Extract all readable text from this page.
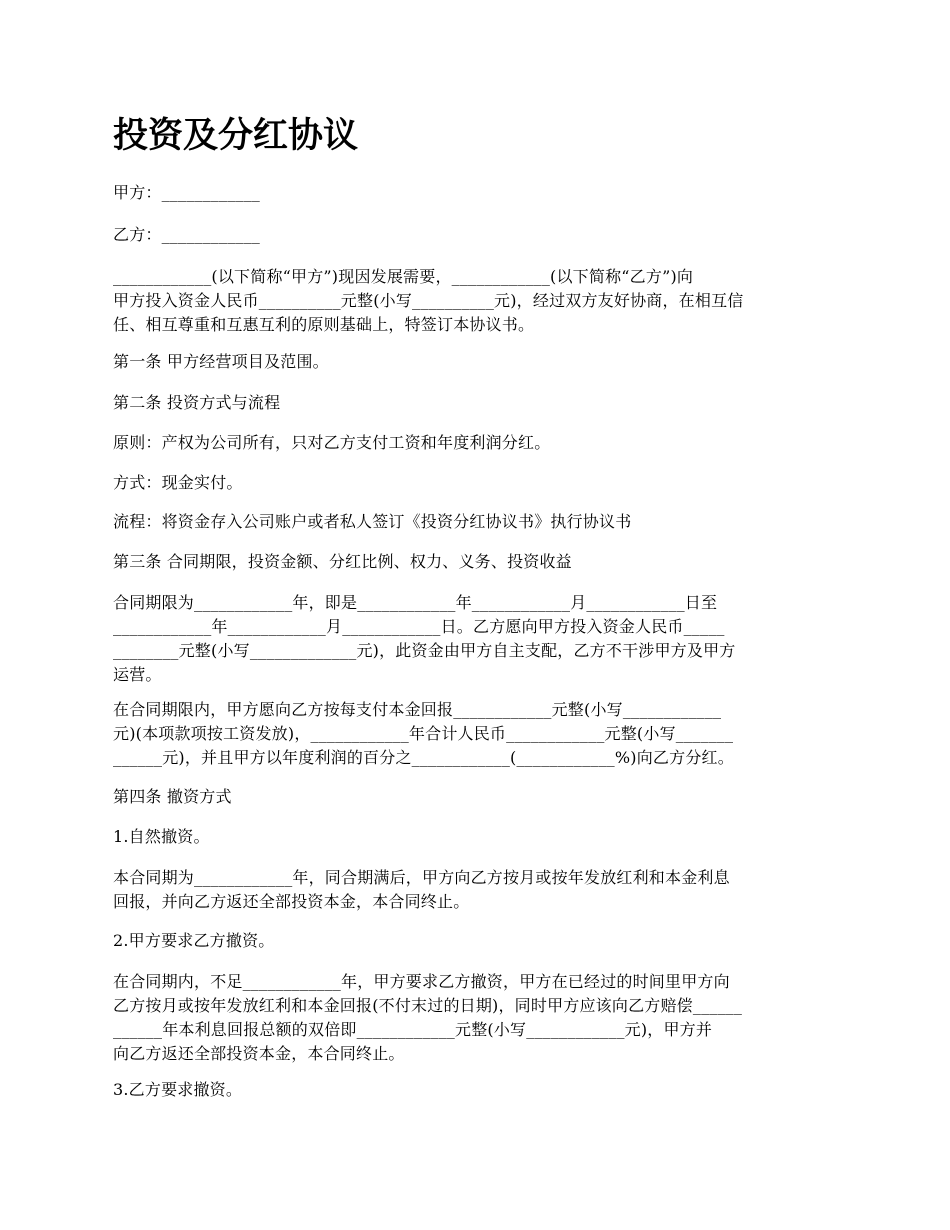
投资及分红协议

甲方：____________

乙方：____________

____________(以下简称“甲方”)现因发展需要，____________(以下简称“乙方”)向
甲方投入资金人民币__________元整(小写__________元)，经过双方友好协商，在相互信
任、相互尊重和互惠互利的原则基础上，特签订本协议书。

第一条 甲方经营项目及范围。

第二条 投资方式与流程

原则：产权为公司所有，只对乙方支付工资和年度利润分红。

方式：现金实付。

流程：将资金存入公司账户或者私人签订《投资分红协议书》执行协议书

第三条 合同期限，投资金额、分红比例、权力、义务、投资收益

合同期限为____________年，即是____________年____________月____________日至
____________年____________月____________日。乙方愿向甲方投入资金人民币_____
________元整(小写_____________元)，此资金由甲方自主支配，乙方不干涉甲方及甲方
运营。

在合同期限内，甲方愿向乙方按每支付本金回报____________元整(小写____________
元)(本项款项按工资发放)，____________年合计人民币____________元整(小写_______
______元)，并且甲方以年度利润的百分之____________(____________%)向乙方分红。

第四条 撤资方式

1.自然撤资。

本合同期为____________年，同合期满后，甲方向乙方按月或按年发放红利和本金利息
回报，并向乙方返还全部投资本金，本合同终止。

2.甲方要求乙方撤资。

在合同期内，不足____________年，甲方要求乙方撤资，甲方在已经过的时间里甲方向
乙方按月或按年发放红利和本金回报(不付末过的日期)，同时甲方应该向乙方赔偿______
______年本利息回报总额的双倍即____________元整(小写____________元)，甲方并
向乙方返还全部投资本金，本合同终止。

3.乙方要求撤资。
